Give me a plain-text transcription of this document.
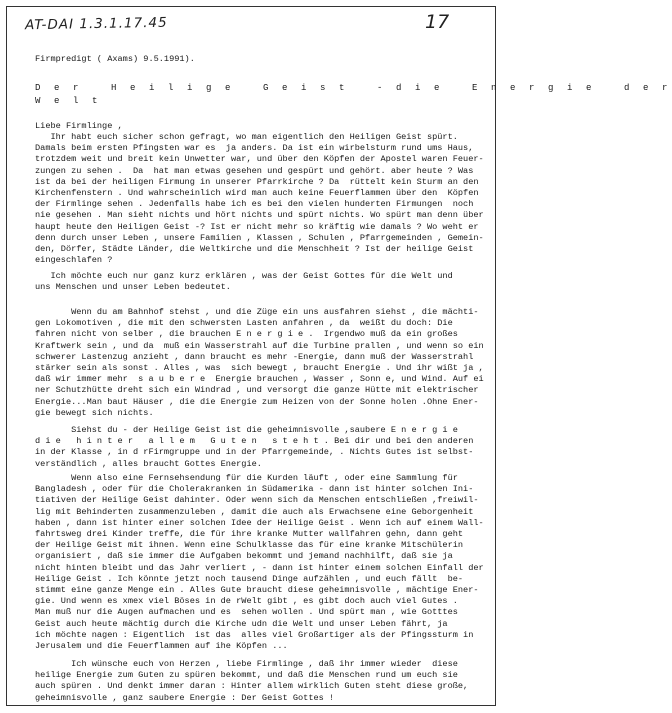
AT-DAI 1.3.1.17.45	17
Firmpredigt ( Axams) 9.5.1991).
D e r   H e i l i g e   G e i s t   - d i e   E n e r g i e   d e r
W e l t
Liebe Firmlinge ,
Ihr habt euch sicher schon gefragt, wo man eigentlich den Heiligen Geist spürt.
Damals beim ersten Pfingsten war es  ja anders. Da ist ein wirbelsturm rund ums Haus,
trotzdem weit und breit kein Unwetter war, und über den Köpfen der Apostel waren Feuer-
zungen zu sehen .  Da  hat man etwas gesehen und gespürt und gehört. aber heute ? Was
ist da bei der heiligen Firmung in unserer Pfarrkirche ? Da  rüttelt kein Sturm an den
Kirchenfenstern . Und wahrscheinlich wird man auch keine Feuerflammen über den  Köpfen
der Firmlinge sehen . Jedenfalls habe ich es bei den vielen hunderten Firmungen  noch
nie gesehen . Man sieht nichts und hört nichts und spürt nichts. Wo spürt man denn über
haupt heute den Heiligen Geist -? Ist er nicht mehr so kräftig wie damals ? Wo weht er
denn durch unser Leben , unsere Familien , Klassen , Schulen , Pfarrgemeinden , Gemein-
den, Dörfer, Städte Länder, die Weltkirche und die Menschheit ? Ist der heilige Geist
eingeschlafen ?
Ich möchte euch nur ganz kurz erklären , was der Geist Gottes für die Welt und
uns Menschen und unser Leben bedeutet.
Wenn du am Bahnhof stehst , und die Züge ein uns ausfahren siehst , die mächti-
gen Lokomotiven , die mit den schwersten Lasten anfahren , da  weißt du doch: Die
fahren nicht von selber , die brauchen E n e r g i e .  Irgendwo muß da ein großes
Kraftwerk sein , und da  muß ein Wasserstrahl auf die Turbine prallen , und wenn so ein
schwerer Lastenzug anzieht , dann braucht es mehr -Energie, dann muß der Wasserstrahl
stärker sein als sonst . Alles , was  sich bewegt , braucht Energie . Und ihr wißt ja ,
daß wir immer mehr  s a u b e r e  Energie brauchen , Wasser , Sonn e, und Wind. Auf ei
ner Schutzhütte dreht sich ein Windrad , und versorgt die ganze Hütte mit elektrischer
Energie...Man baut Häuser , die die Energie zum Heizen von der Sonne holen .Ohne Ener-
gie bewegt sich nichts.
Siehst du - der Heilige Geist ist die geheimnisvolle ,saubere E n e r g i e
d i e   h i n t e r   a l l e m   G u t e n   s t e h t . Bei dir und bei den anderen
in der Klasse , in d rFirmgruppe und in der Pfarrgemeinde, . Nichts Gutes ist selbst-
verständlich , alles braucht Gottes Energie.
Wenn also eine Fernsehsendung für die Kurden läuft , oder eine Sammlung für
Bangladesh , oder für die Cholerakranken in Südamerika - dann ist hinter solchen Ini-
tiativen der Heilige Geist dahinter. Oder wenn sich da Menschen entschließen ,freiwil-
lig mit Behinderten zusammenzuleben , damit die auch als Erwachsene eine Geborgenheit
haben , dann ist hinter einer solchen Idee der Heilige Geist . Wenn ich auf einem Wall-
fahrtsweg drei Kinder treffe, die für ihre kranke Mutter wallfahren gehn, dann geht
der Heilige Geist mit ihnen. Wenn eine Schulklasse das für eine kranke Mitschülerin
organisiert , daß sie immer die Aufgaben bekommt und jemand nachhilft, daß sie ja
nicht hinten bleibt und das Jahr verliert , - dann ist hinter einem solchen Einfall der
Heilige Geist . Ich könnte jetzt noch tausend Dinge aufzählen , und euch fällt  be-
stimmt eine ganze Menge ein . Alles Gute braucht diese geheimnisvolle , mächtige Ener-
gie. Und wenn es xmex viel Böses in de rWelt gibt , es gibt doch auch viel Gutes .
Man muß nur die Augen aufmachen und es  sehen wollen . Und spürt man , wie Gotttes
Geist auch heute mächtig durch die Kirche udn die Welt und unser Leben fährt, ja
ich möchte nagen : Eigentlich  ist das  alles viel Großartiger als der Pfingssturm in
Jerusalem und die Feuerflammen auf ihe Köpfen ...
Ich wünsche euch von Herzen , liebe Firmlinge , daß ihr immer wieder  diese
heilige Energie zum Guten zu spüren bekommt, und daß die Menschen rund um euch sie
auch spüren . Und denkt immer daran : Hinter allem wirklich Guten steht diese große,
geheimnisvolle , ganz saubere Energie : Der Geist Gottes !
